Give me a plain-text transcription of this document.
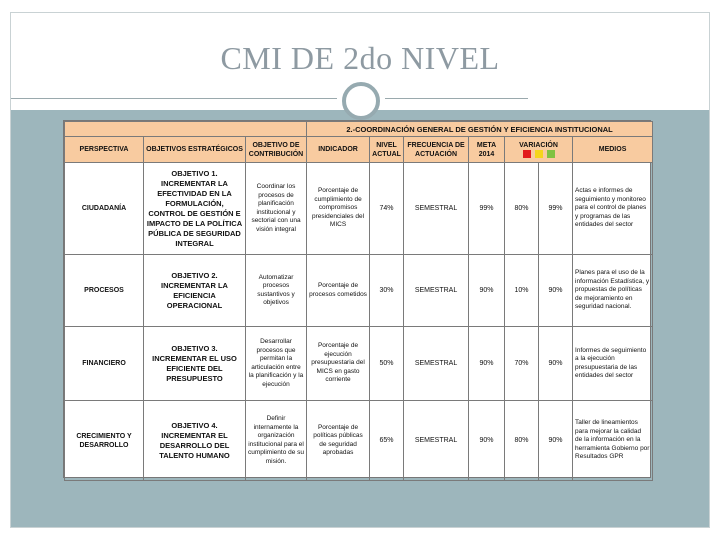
CMI DE 2do NIVEL
			2.-COORDINACIÓN GENERAL DE GESTIÓN Y EFICIENCIA INSTITUCIONAL						
PERSPECTIVA	OBJETIVOS ESTRATÉGICOS	OBJETIVO DE CONTRIBUCIÓN	INDICADOR	NIVEL ACTUAL	FRECUENCIA DE ACTUACIÓN	META 2014	VARIACIÓN		MEDIOS
CIUDADANÍA	OBJETIVO 1. INCREMENTAR LA EFECTIVIDAD EN LA FORMULACIÓN, CONTROL DE GESTIÓN E IMPACTO DE LA POLÍTICA PÚBLICA DE SEGURIDAD INTEGRAL	Coordinar los procesos de planificación institucional y sectorial con una visión integral	Porcentaje de cumplimiento de compromisos presidenciales del MICS	74%	SEMESTRAL	99%	80%	99%	Actas e informes de seguimiento y monitoreo para el control de planes y programas de las entidades del sector
PROCESOS	OBJETIVO 2. INCREMENTAR LA EFICIENCIA OPERACIONAL	Automatizar procesos sustantivos y objetivos	Porcentaje de procesos cometidos	30%	SEMESTRAL	90%	10%	90%	Planes para el uso de la información Estadística, y propuestas de políticas de mejoramiento en seguridad nacional.
FINANCIERO	OBJETIVO 3. INCREMENTAR EL USO EFICIENTE DEL PRESUPUESTO	Desarrollar procesos que permitan la articulación entre la planificación y la ejecución	Porcentaje de ejecución presupuestaria del MICS en gasto corriente	50%	SEMESTRAL	90%	70%	90%	Informes de seguimiento a la ejecución presupuestaria de las entidades del sector
CRECIMIENTO Y DESARROLLO	OBJETIVO 4. INCREMENTAR EL DESARROLLO DEL TALENTO HUMANO	Definir internamente la organización institucional para el cumplimiento de su misión.	Porcentaje de políticas públicas de seguridad aprobadas	65%	SEMESTRAL	90%	80%	90%	Taller de lineamientos para mejorar la calidad de la información en la herramienta Gobierno por Resultados GPR
